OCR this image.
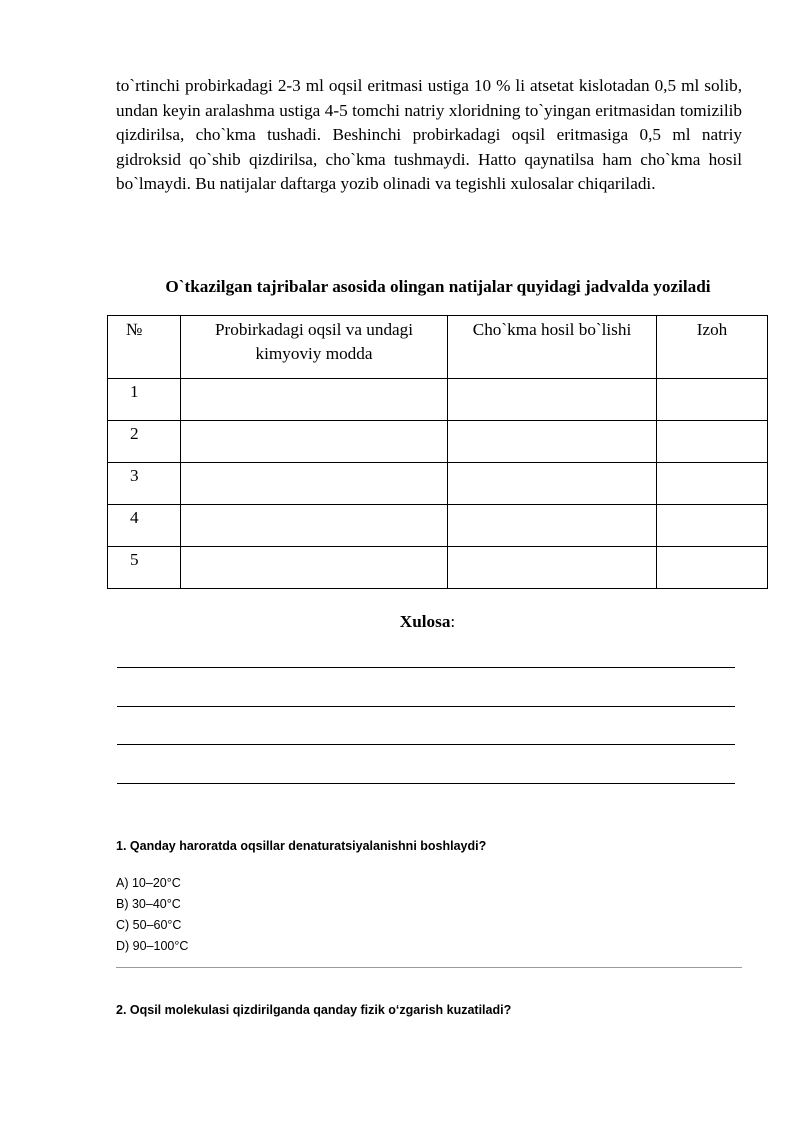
to`rtinchi probirkadagi 2-3 ml oqsil eritmasi ustiga 10 % li atsetat kislotadan 0,5 ml solib, undan keyin aralashma ustiga 4-5 tomchi natriy xloridning to`yingan eritmasidan tomizilib qizdirilsa, cho`kma tushadi. Beshinchi probirkadagi oqsil eritmasiga 0,5 ml natriy gidroksid qo`shib qizdirilsa, cho`kma tushmaydi. Hatto qaynatilsa ham cho`kma hosil bo`lmaydi. Bu natijalar daftarga yozib olinadi va tegishli xulosalar chiqariladi.
O`tkazilgan tajribalar asosida olingan natijalar quyidagi jadvalda yoziladi
№	Probirkadagi oqsil va undagi kimyoviy modda	Cho`kma hosil bo`lishi	Izoh
1			
2			
3			
4			
5			
Xulosa:
1. Qanday haroratda oqsillar denaturatsiyalanishni boshlaydi?
A) 10–20°C
B) 30–40°C
C) 50–60°C
D) 90–100°C
2. Oqsil molekulasi qizdirilganda qanday fizik o‘zgarish kuzatiladi?
